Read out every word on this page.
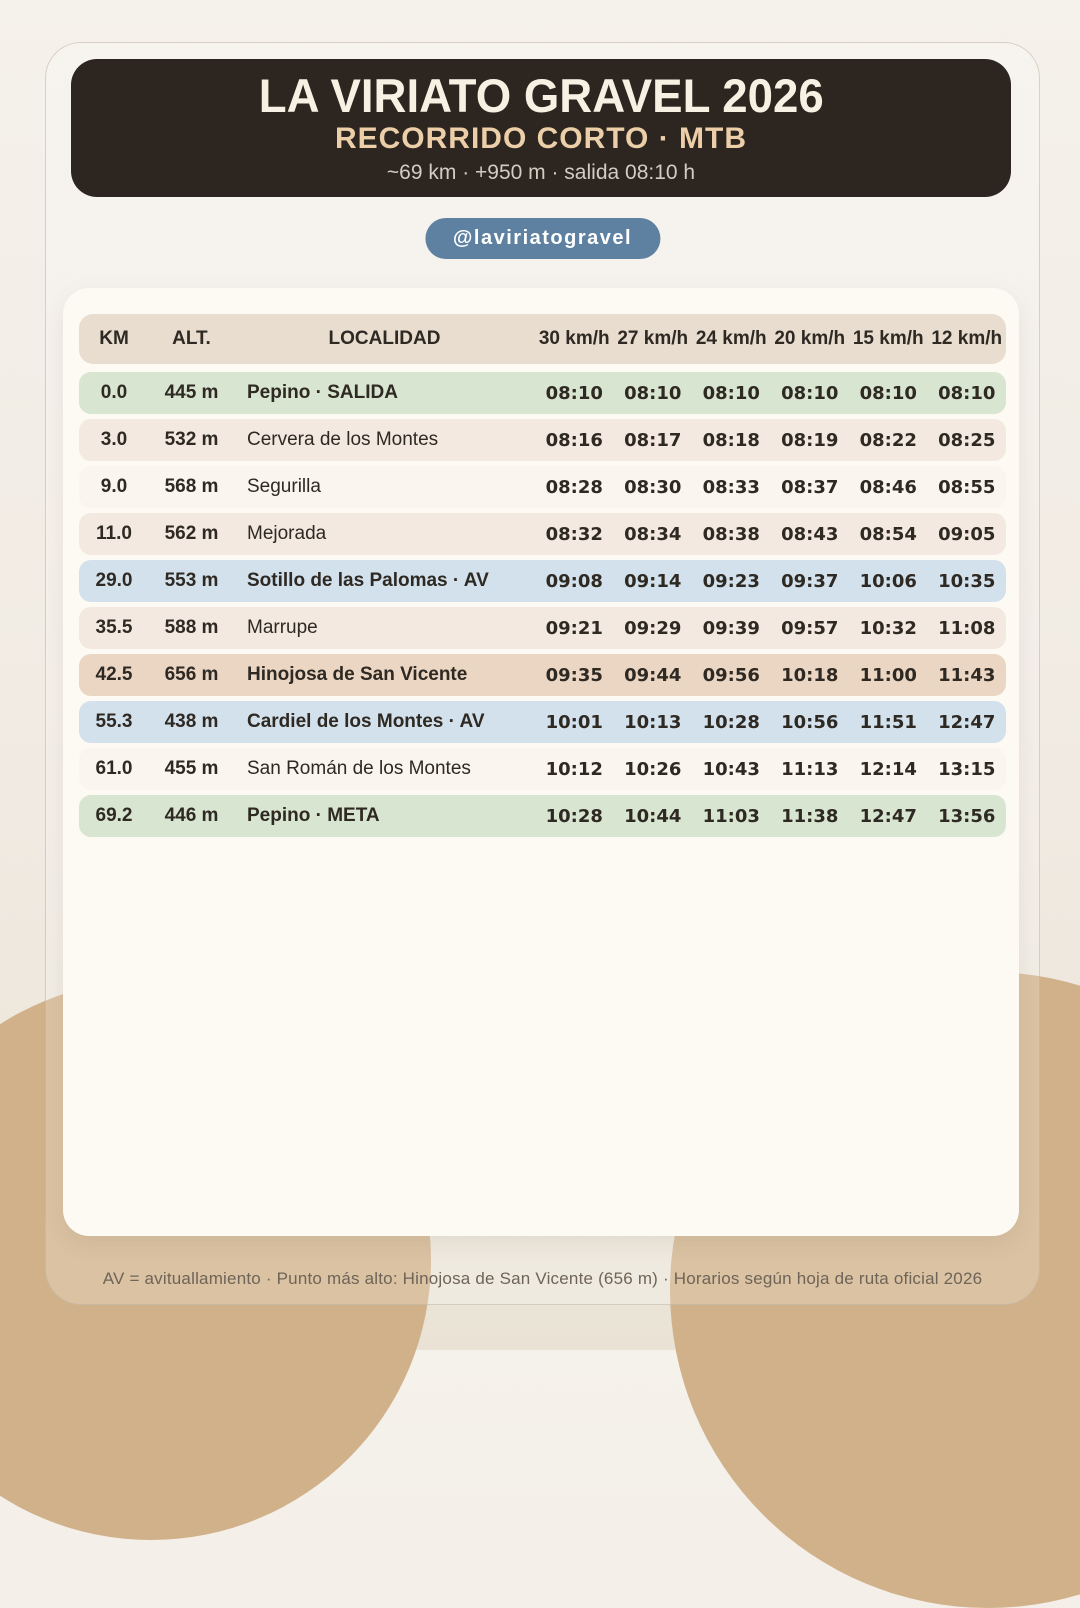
LA VIRIATO GRAVEL 2026
RECORRIDO CORTO · MTB
~69 km · +950 m · salida 08:10 h
@laviriatogravel
KM	ALT.	LOCALIDAD	30 km/h 27 km/h 24 km/h 20 km/h 15 km/h 12 km/h
0.0	445 m	Pepino · SALIDA	08:10	08:10	08:10	08:10	08:10	08:10
3.0	532 m	Cervera de los Montes	08:16	08:17	08:18	08:19	08:22	08:25
9.0	568 m	Segurilla	08:28	08:30	08:33	08:37	08:46	08:55
11.0	562 m	Mejorada	08:32	08:34	08:38	08:43	08:54	09:05
29.0	553 m	Sotillo de las Palomas · AV	09:08	09:14	09:23	09:37	10:06	10:35
35.5	588 m	Marrupe	09:21	09:29	09:39	09:57	10:32	11:08
42.5	656 m	Hinojosa de San Vicente	09:35	09:44	09:56	10:18	11:00	11:43
55.3	438 m	Cardiel de los Montes · AV	10:01	10:13	10:28	10:56	11:51	12:47
61.0	455 m	San Román de los Montes	10:12	10:26	10:43	11:13	12:14	13:15
69.2	446 m	Pepino · META	10:28	10:44	11:03	11:38	12:47	13:56
AV = avituallamiento · Punto más alto: Hinojosa de San Vicente (656 m) · Horarios según hoja de ruta oficial 2026
